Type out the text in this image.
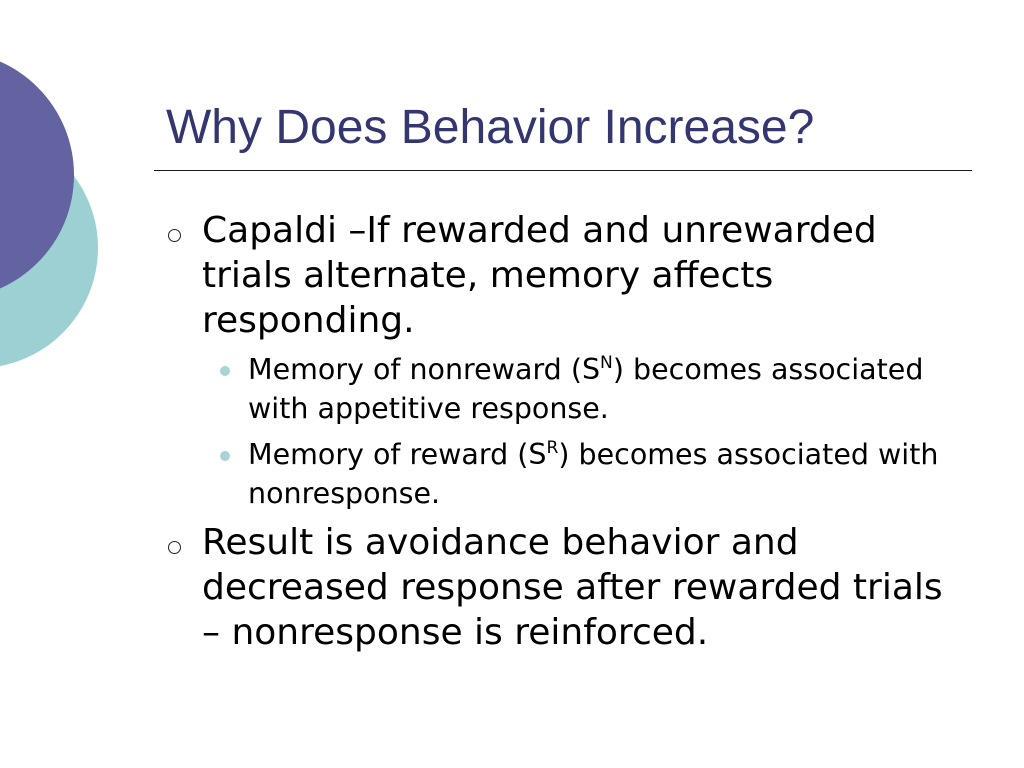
Why Does Behavior Increase?
Capaldi –If rewarded and unrewarded trials alternate, memory affects responding.
Memory of nonreward $(S^N)$ becomes associated with appetitive response.
Memory of reward $(S^R)$ becomes associated with nonresponse.
Result is avoidance behavior and decreased response after rewarded trials – nonresponse is reinforced.
